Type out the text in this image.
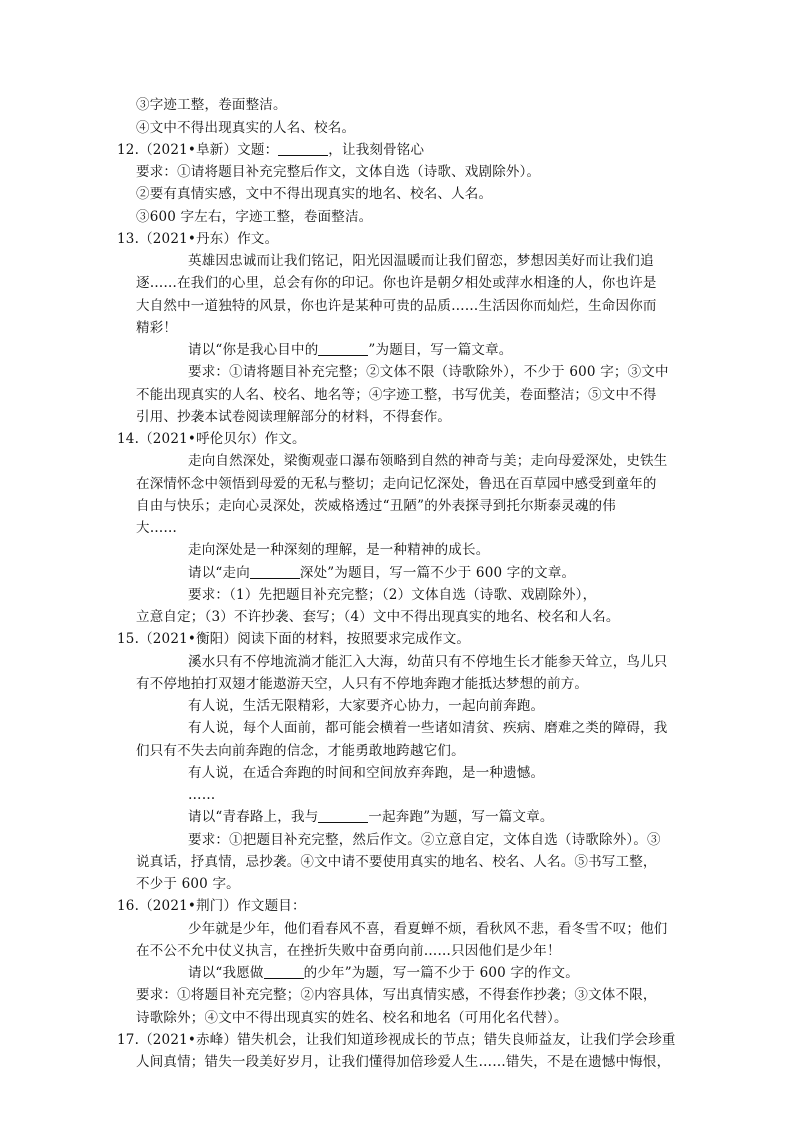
③字迹工整，卷面整洁。
④文中不得出现真实的人名、校名。
12.（2021•阜新）文题：	，让我刻骨铭心
要求：①请将题目补充完整后作文，文体自选（诗歌、戏剧除外）。
②要有真情实感，文中不得出现真实的地名、校名、人名。
③600 字左右，字迹工整，卷面整洁。
13.（2021•丹东）作文。
英雄因忠诚而让我们铭记，阳光因温暖而让我们留恋，梦想因美好而让我们追
逐……在我们的心里，总会有你的印记。你也许是朝夕相处或萍水相逢的人，你也许是
大自然中一道独特的风景，你也许是某种可贵的品质……生活因你而灿烂，生命因你而
精彩！
请以“你是我心目中的	”为题目，写一篇文章。
要求：①请将题目补充完整；②文体不限（诗歌除外），不少于 600 字；③文中
不能出现真实的人名、校名、地名等；④字迹工整，书写优美，卷面整洁；⑤文中不得
引用、抄袭本试卷阅读理解部分的材料，不得套作。
14.（2021•呼伦贝尔）作文。
走向自然深处，梁衡观壶口瀑布领略到自然的神奇与美；走向母爱深处，史铁生
在深情怀念中领悟到母爱的无私与整切；走向记忆深处，鲁迅在百草园中感受到童年的
自由与快乐；走向心灵深处，茨威格透过“丑陋”的外表探寻到托尔斯泰灵魂的伟
大……
走向深处是一种深刻的理解，是一种精神的成长。
请以“走向	深处”为题目，写一篇不少于 600 字的文章。
要求：（1）先把题目补充完整；（2）文体自选（诗歌、戏剧除外），
立意自定；（3）不许抄袭、套写；（4）文中不得出现真实的地名、校名和人名。
15.（2021•衡阳）阅读下面的材料，按照要求完成作文。
溪水只有不停地流淌才能汇入大海，幼苗只有不停地生长才能参天耸立，鸟儿只
有不停地拍打双翅才能遨游天空，人只有不停地奔跑才能抵达梦想的前方。
有人说，生活无限精彩，大家要齐心协力，一起向前奔跑。
有人说，每个人面前，都可能会横着一些诸如清贫、疾病、磨难之类的障碍，我
们只有不失去向前奔跑的信念，才能勇敢地跨越它们。
有人说，在适合奔跑的时间和空间放弃奔跑，是一种遗憾。
……
请以“青春路上，我与	一起奔跑”为题，写一篇文章。
要求：①把题目补充完整，然后作文。②立意自定，文体自选（诗歌除外）。③
说真话，抒真情，忌抄袭。④文中请不要使用真实的地名、校名、人名。⑤书写工整，
不少于 600 字。
16.（2021•荆门）作文题目：
少年就是少年，他们看春风不喜，看夏蝉不烦，看秋风不悲，看冬雪不叹；他们
在不公不允中仗义执言，在挫折失败中奋勇向前……只因他们是少年！
请以“我愿做	的少年”为题，写一篇不少于 600 字的作文。
要求：①将题目补充完整；②内容具体，写出真情实感，不得套作抄袭；③文体不限，
诗歌除外；④文中不得出现真实的姓名、校名和地名（可用化名代替）。
17.（2021•赤峰）错失机会，让我们知道珍视成长的节点；错失良师益友，让我们学会珍重
人间真情；错失一段美好岁月，让我们懂得加倍珍爱人生……错失，不是在遗憾中悔恨，
